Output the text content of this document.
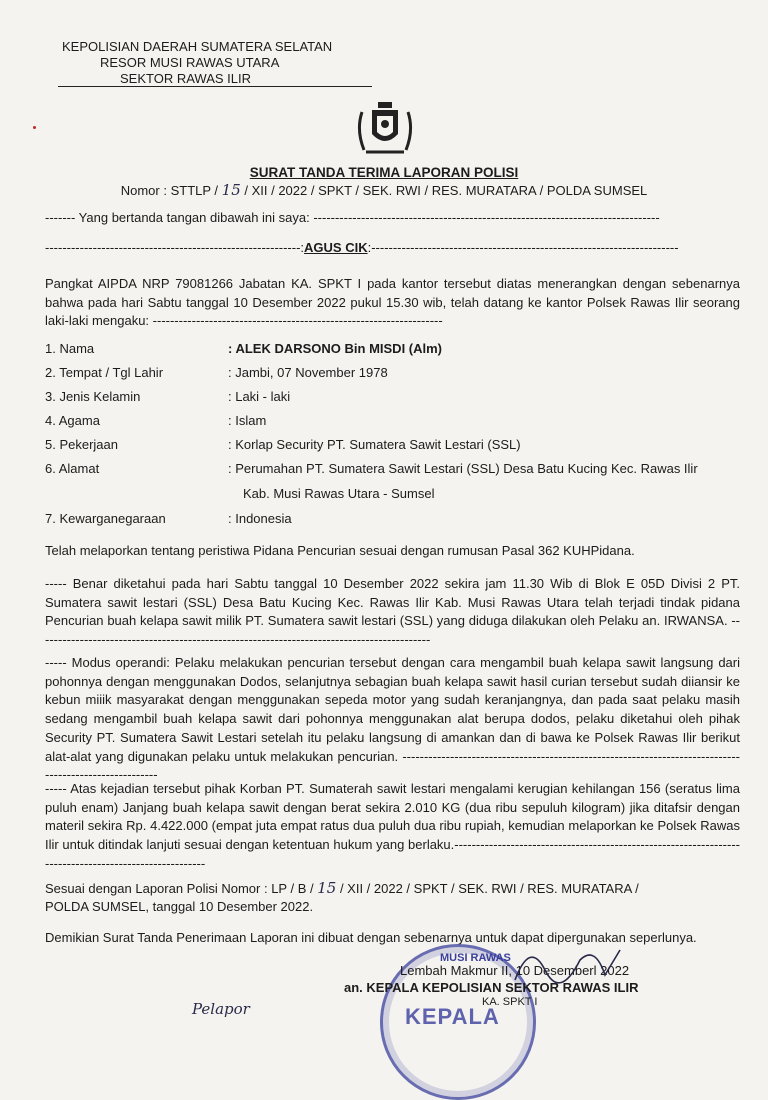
KEPOLISIAN DAERAH SUMATERA SELATAN
RESOR MUSI RAWAS UTARA
SEKTOR RAWAS ILIR
SURAT TANDA TERIMA LAPORAN POLISI
Nomor : STTLP / 15 / XII / 2022 / SPKT / SEK. RWI / RES. MURATARA / POLDA SUMSEL
------- Yang bertanda tangan dibawah ini saya: --------------------------------------------------------------------------------
-----------------------------------------------------------:AGUS CIK:-----------------------------------------------------------------------
Pangkat AIPDA NRP 79081266 Jabatan KA. SPKT I pada kantor tersebut diatas menerangkan dengan sebenarnya bahwa pada hari Sabtu tanggal 10 Desember 2022 pukul 15.30 wib, telah datang ke kantor Polsek Rawas Ilir seorang laki-laki mengaku: -------------------------------------------------------------------
1. Nama	: ALEK DARSONO Bin MISDI (Alm)
2. Tempat / Tgl Lahir	: Jambi, 07 November 1978
3. Jenis Kelamin	: Laki - laki
4. Agama	: Islam
5. Pekerjaan	: Korlap Security PT. Sumatera Sawit Lestari (SSL)
6. Alamat	: Perumahan PT. Sumatera Sawit Lestari (SSL) Desa Batu Kucing Kec. Rawas Ilir
Kab. Musi Rawas Utara - Sumsel
7. Kewarganegaraan	: Indonesia
Telah melaporkan tentang peristiwa Pidana Pencurian sesuai dengan rumusan Pasal 362 KUHPidana.
----- Benar diketahui pada hari Sabtu tanggal 10 Desember 2022 sekira jam 11.30 Wib di Blok E 05D Divisi 2 PT. Sumatera sawit lestari (SSL) Desa Batu Kucing Kec. Rawas Ilir Kab. Musi Rawas Utara telah terjadi tindak pidana Pencurian buah kelapa sawit milik PT. Sumatera sawit lestari (SSL) yang diduga dilakukan oleh Pelaku an. IRWANSA. -------------------------------------------------------------------------------------------
----- Modus operandi: Pelaku melakukan pencurian tersebut dengan cara mengambil buah kelapa sawit langsung dari pohonnya dengan menggunakan Dodos, selanjutnya sebagian buah kelapa sawit hasil curian tersebut sudah diiansir ke kebun miiik masyarakat dengan menggunakan sepeda motor yang sudah keranjangnya, dan pada saat pelaku masih sedang mengambil buah kelapa sawit dari pohonnya menggunakan alat berupa dodos, pelaku diketahui oleh pihak Security PT. Sumatera Sawit Lestari setelah itu pelaku langsung di amankan dan di bawa ke Polsek Rawas Ilir berikut alat-alat yang digunakan pelaku untuk melakukan pencurian. --------------------------------------------------------------------------------------------------------
----- Atas kejadian tersebut pihak Korban PT. Sumaterah sawit lestari mengalami kerugian kehilangan 156 (seratus lima puluh enam) Janjang buah kelapa sawit dengan berat sekira 2.010 KG (dua ribu sepuluh kilogram) jika ditafsir dengan materil sekira Rp. 4.422.000 (empat juta empat ratus dua puluh dua ribu rupiah, kemudian melaporkan ke Polsek Rawas Ilir untuk ditindak lanjuti sesuai dengan ketentuan hukum yang berlaku.-------------------------------------------------------------------------------------------------------
Sesuai dengan Laporan Polisi Nomor : LP / B / 15 / XII / 2022 / SPKT / SEK. RWI / RES. MURATARA /
POLDA SUMSEL, tanggal 10 Desember 2022.
Demikian Surat Tanda Penerimaan Laporan ini dibuat dengan sebenarnya untuk dapat dipergunakan seperlunya.
MUSI RAWAS
KEPALA
Lembah Makmur II, 10 Desemberl 2022
an. KEPALA KEPOLISIAN SEKTOR RAWAS ILIR
KA. SPKT I
Pelapor
